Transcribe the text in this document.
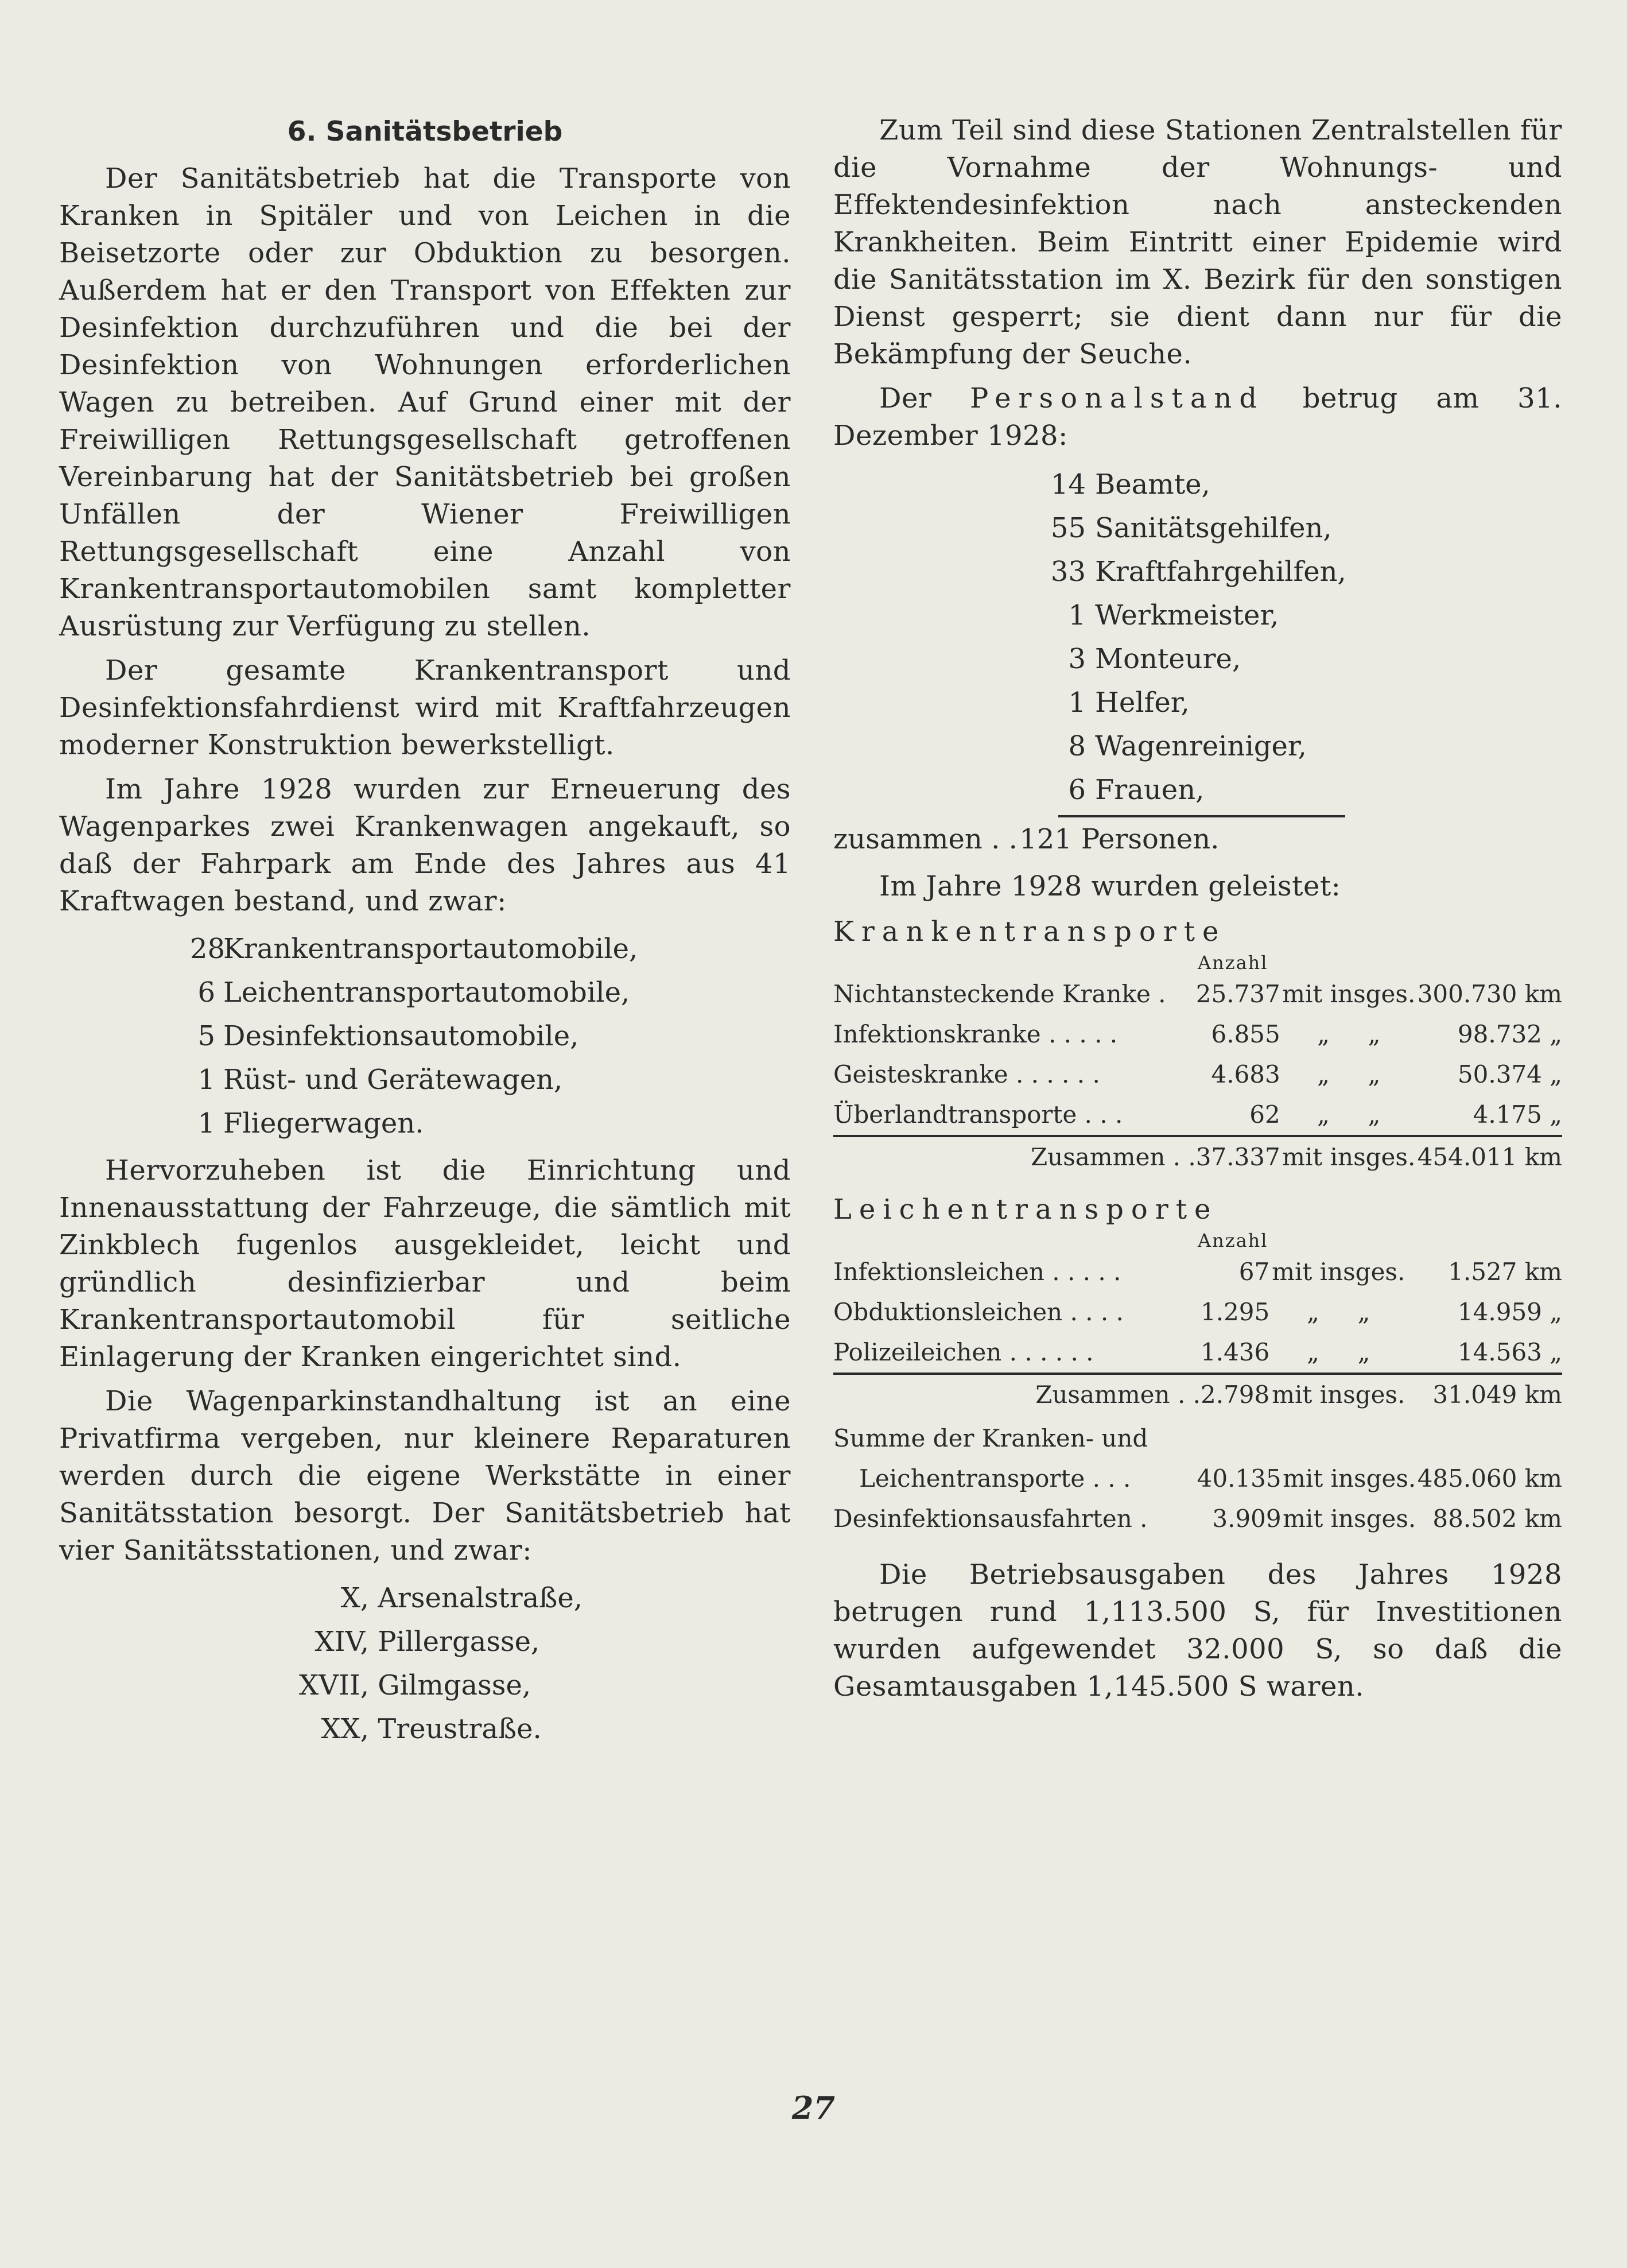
6. Sanitätsbetrieb

Der Sanitätsbetrieb hat die Transporte von Kranken in Spitäler und von Leichen in die Beisetzorte oder zur Obduktion zu besorgen. Außerdem hat er den Transport von Effekten zur Desinfektion durchzuführen und die bei der Desinfektion von Wohnungen erforderlichen Wagen zu betreiben. Auf Grund einer mit der Freiwilligen Rettungsgesellschaft getroffenen Vereinbarung hat der Sanitätsbetrieb bei großen Unfällen der Wiener Freiwilligen Rettungsgesellschaft eine Anzahl von Krankentransportautomobilen samt kompletter Ausrüstung zur Verfügung zu stellen.

Der gesamte Krankentransport und Desinfektionsfahrdienst wird mit Kraftfahrzeugen moderner Konstruktion bewerkstelligt.

Im Jahre 1928 wurden zur Erneuerung des Wagenparkes zwei Krankenwagen angekauft, so daß der Fahrpark am Ende des Jahres aus 41 Kraftwagen bestand, und zwar:

28Krankentransportautomobile,
6 Leichentransportautomobile,
5 Desinfektionsautomobile,
1 Rüst- und Gerätewagen,
1 Fliegerwagen.

Hervorzuheben ist die Einrichtung und Innenausstattung der Fahrzeuge, die sämtlich mit Zinkblech fugenlos ausgekleidet, leicht und gründlich desinfizierbar und beim Krankentransportautomobil für seitliche Einlagerung der Kranken eingerichtet sind.

Die Wagenparkinstandhaltung ist an eine Privatfirma vergeben, nur kleinere Reparaturen werden durch die eigene Werkstätte in einer Sanitätsstation besorgt. Der Sanitätsbetrieb hat vier Sanitätsstationen, und zwar:

X, Arsenalstraße,
XIV, Pillergasse,
XVII, Gilmgasse,
XX, Treustraße.

Zum Teil sind diese Stationen Zentralstellen für die Vornahme der Wohnungs- und Effektendesinfektion nach ansteckenden Krankheiten. Beim Eintritt einer Epidemie wird die Sanitätsstation im X. Bezirk für den sonstigen Dienst gesperrt; sie dient dann nur für die Bekämpfung der Seuche.

Der Personalstand betrug am 31. Dezember 1928:

14 Beamte,
55 Sanitätsgehilfen,
33 Kraftfahrgehilfen,
1 Werkmeister,
3 Monteure,
1 Helfer,
8 Wagenreiniger,
6 Frauen,
zusammen . .121 Personen.

Im Jahre 1928 wurden geleistet:

Krankentransporte
Anzahl
Nichtansteckende Kranke .	25.737	mit insges.	300.730 km
Infektionskranke . . . . .	6.855	„ „	98.732 „
Geisteskranke . . . . . .	4.683	„ „	50.374 „
Überlandtransporte . . .	62	„ „	4.175 „
Zusammen . .	37.337	mit insges.	454.011 km
Leichentransporte
Anzahl
Infektionsleichen . . . . .	67	mit insges.	1.527 km
Obduktionsleichen . . . .	1.295	„ „	14.959 „
Polizeileichen . . . . . .	1.436	„ „	14.563 „
Zusammen . .	2.798	mit insges.	31.049 km
Summe der Kranken- und			
Leichentransporte . . .	40.135	mit insges.	485.060 km
Desinfektionsausfahrten .	3.909	mit insges.	88.502 km

Die Betriebsausgaben des Jahres 1928 betrugen rund 1,113.500 S, für Investitionen wurden aufgewendet 32.000 S, so daß die Gesamtausgaben 1,145.500 S waren.

27
